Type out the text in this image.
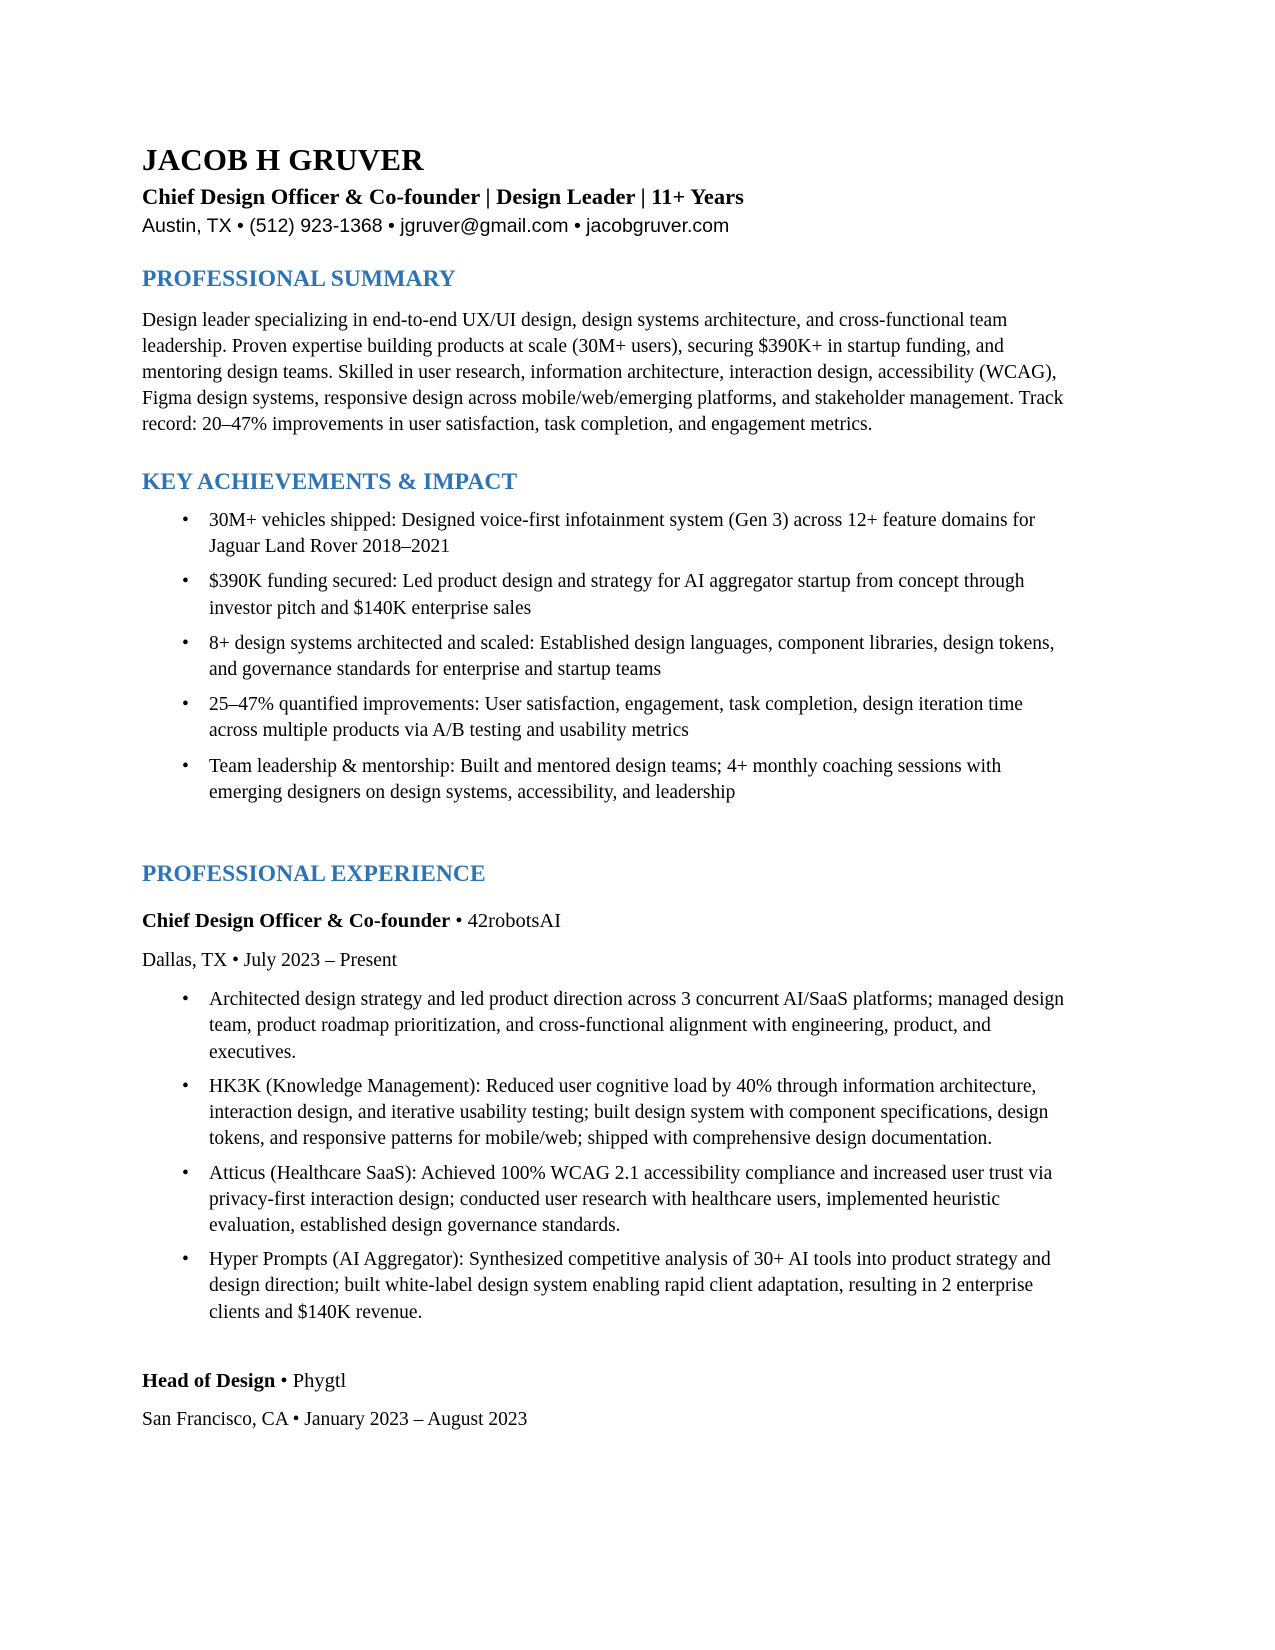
JACOB H GRUVER
Chief Design Officer & Co-founder | Design Leader | 11+ Years
Austin, TX • (512) 923-1368 • jgruver@gmail.com • jacobgruver.com
PROFESSIONAL SUMMARY

Design leader specializing in end-to-end UX/UI design, design systems architecture, and cross-functional team leadership. Proven expertise building products at scale (30M+ users), securing $390K+ in startup funding, and mentoring design teams. Skilled in user research, information architecture, interaction design, accessibility (WCAG), Figma design systems, responsive design across mobile/web/emerging platforms, and stakeholder management. Track record: 20–47% improvements in user satisfaction, task completion, and engagement metrics.

KEY ACHIEVEMENTS & IMPACT
• 30M+ vehicles shipped: Designed voice-first infotainment system (Gen 3) across 12+ feature domains for Jaguar Land Rover 2018–2021
• $390K funding secured: Led product design and strategy for AI aggregator startup from concept through investor pitch and $140K enterprise sales
• 8+ design systems architected and scaled: Established design languages, component libraries, design tokens, and governance standards for enterprise and startup teams
• 25–47% quantified improvements: User satisfaction, engagement, task completion, design iteration time across multiple products via A/B testing and usability metrics
• Team leadership & mentorship: Built and mentored design teams; 4+ monthly coaching sessions with emerging designers on design systems, accessibility, and leadership
PROFESSIONAL EXPERIENCE
Chief Design Officer & Co-founder • 42robotsAI
Dallas, TX • July 2023 – Present
• Architected design strategy and led product direction across 3 concurrent AI/SaaS platforms; managed design team, product roadmap prioritization, and cross-functional alignment with engineering, product, and executives.
• HK3K (Knowledge Management): Reduced user cognitive load by 40% through information architecture, interaction design, and iterative usability testing; built design system with component specifications, design tokens, and responsive patterns for mobile/web; shipped with comprehensive design documentation.
• Atticus (Healthcare SaaS): Achieved 100% WCAG 2.1 accessibility compliance and increased user trust via privacy-first interaction design; conducted user research with healthcare users, implemented heuristic evaluation, established design governance standards.
• Hyper Prompts (AI Aggregator): Synthesized competitive analysis of 30+ AI tools into product strategy and design direction; built white-label design system enabling rapid client adaptation, resulting in 2 enterprise clients and $140K revenue.
Head of Design • Phygtl
San Francisco, CA • January 2023 – August 2023
